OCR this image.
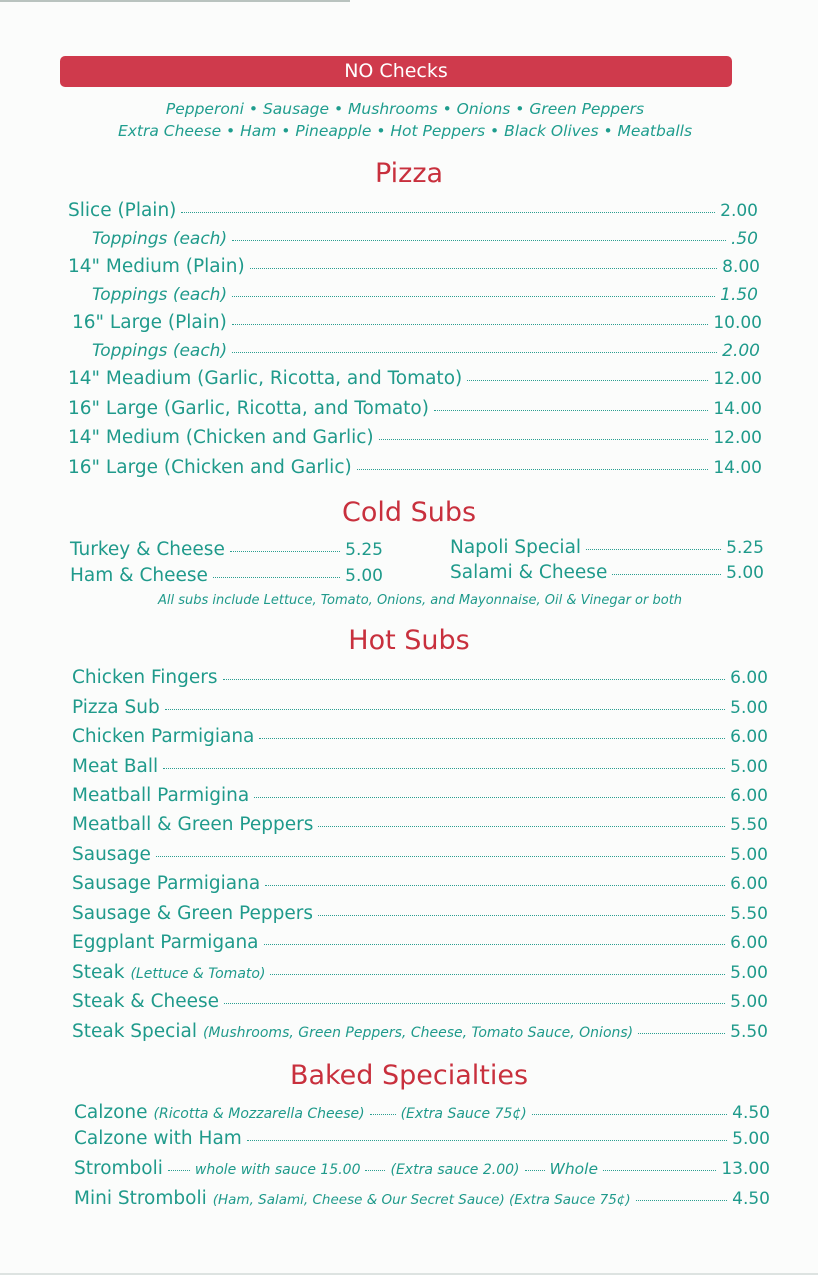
NO Checks
Pepperoni • Sausage • Mushrooms • Onions • Green Peppers
Extra Cheese • Ham • Pineapple • Hot Peppers • Black Olives • Meatballs
Pizza
Slice (Plain)	2.00
Toppings (each)	.50
14" Medium (Plain)	8.00
Toppings (each)	1.50
16" Large (Plain)	10.00
Toppings (each)	2.00
14" Meadium (Garlic, Ricotta, and Tomato)	12.00
16" Large (Garlic, Ricotta, and Tomato)	14.00
14" Medium (Chicken and Garlic)	12.00
16" Large (Chicken and Garlic)	14.00
Cold Subs
Turkey & Cheese	5.25
Ham & Cheese	5.00
Napoli Special	5.25
Salami & Cheese	5.00
All subs include Lettuce, Tomato, Onions, and Mayonnaise, Oil & Vinegar or both
Hot Subs
Chicken Fingers	6.00
Pizza Sub	5.00
Chicken Parmigiana	6.00
Meat Ball	5.00
Meatball Parmigina	6.00
Meatball & Green Peppers	5.50
Sausage	5.00
Sausage Parmigiana	6.00
Sausage & Green Peppers	5.50
Eggplant Parmigana	6.00
Steak (Lettuce & Tomato)	5.00
Steak & Cheese	5.00
Steak Special (Mushrooms, Green Peppers, Cheese, Tomato Sauce, Onions)	5.50
Baked Specialties
Calzone (Ricotta & Mozzarella Cheese)	(Extra Sauce 75¢)	4.50
Calzone with Ham	5.00
Stromboli whole with sauce 15.00 (Extra sauce 2.00) Whole	13.00
Mini Stromboli (Ham, Salami, Cheese & Our Secret Sauce) (Extra Sauce 75¢)	4.50
